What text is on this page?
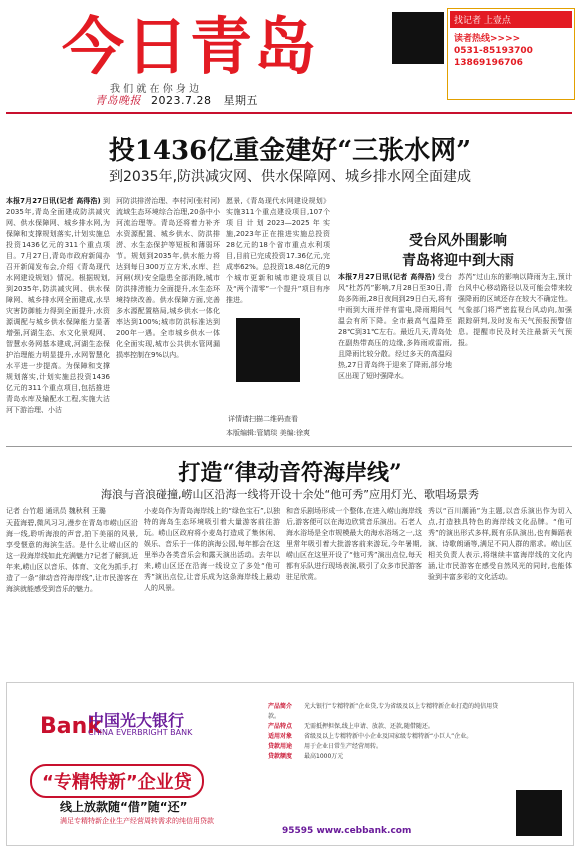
今日青岛
我 们 就 在 你 身 边
青岛晚报 2023.7.28 星期五
找记者 上壹点
读者热线>>>>
0531-85193700
13869196706
投1436亿重金建好“三张水网”
到2035年,防洪减灾网、供水保障网、城乡排水网全面建成
本报7月27日讯(记者 高得浩) 到2035年,青岛全面建成防洪减灾网、供水保障网、城乡排水网,为保障和支撑规划落实,计划实施总投资1436亿元的311个重点项目。7月27日,青岛市政府新闻办召开新闻发布会,介绍《青岛现代水网建设规划》情况。根据规划,到2035年,防洪减灾网、供水保障网、城乡排水网全面建成,水旱灾害防御能力得到全面提升,水资源调配与城乡供水保障能力显著增强,河湖生态、水文化景观网、智慧水务网基本建成,河湖生态保护治理能力明显提升,水网智慧化水平进一步提高。为保障和支撑规划落实,计划实施总投资1436亿元的311个重点项目,包括推进青岛水库及输配水工程,实施大沽河下游治理、小沽
河防洪排涝治理、李村河(张村河)流域生态环境综合治理,20条中小河流治理等。青岛还将着力补齐水资源配置、城乡供水、防洪排涝、水生态保护等短板和薄弱环节。规划到2035年,供水能力将达到每日300万立方米,水库、拦河闸(坝)安全隐患全部消除,城市防洪排涝能力全面提升,水生态环境持续改善。供水保障方面,完善多水源配置格局,城乡供水一体化率达到100%;城市防洪标准达到200年一遇。全市城乡供水一体化全面实现,城市公共供水管网漏损率控制在9%以内。
愿景,《青岛现代水网建设规划》实施311个重点建设项目,107个项目计划2023—2025年实施,2023年正在推进实施总投资28亿元的18个省市重点水利项目,目前已完成投资17.36亿元,完成率62%。总投资18.48亿元的9个城市更新和城市建设项目以及“两个清零”一个提升”项目有序推进。
详情请扫描二维码查看
受台风外围影响
青岛将迎中到大雨
本报7月27日讯(记者 高得浩) 受台风“杜苏芮”影响,7月28日至30日,青岛多阵雨,28日夜间到29日白天,将有中雨到大雨并伴有雷电,降雨期间气温会有所下降。全市最高气温降至28℃到31℃左右。最近几天,青岛处在副热带高压的边缘,多阵雨或雷雨,且降雨比较分散。经过多天的高温闷热,27日青岛终于迎来了降雨,部分地区出现了短时强降水。
苏芮”过山东的影响以降雨为主,预计台风中心移动路径以及可能会带来较强降雨的区域还存在较大不确定性。气象部门将严密监视台风动向,加强跟踪研判,及时发布天气预报预警信息。提醒市民及时关注最新天气预报。
本版编辑:管婧琰 美编:徐爽
打造“律动音符海岸线”
海浪与音浪碰撞,崂山区沿海一线将开设十余处“他可秀”应用灯光、歌唱场景秀
记者 台竹超 通讯员 魏秋利 王璐
天蓝海碧,微风习习,漫步在青岛市崂山区沿海一线,聆听海浪的声音,拍下美丽的风景,享受惬意的海滨生活。是什么让崂山区的这一段海岸线如此充满魅力?记者了解到,近年来,崂山区以音乐、体育、文化为抓手,打造了一条“律动音符海岸线”,让市民游客在海滨就能感受到音乐的魅力。
小麦岛作为青岛海岸线上的“绿色宝石”,以独特的海岛生态环境吸引着大量游客前往游玩。崂山区政府将小麦岛打造成了集休闲、娱乐、音乐于一体的滨海公园,每年都会在这里举办各类音乐会和露天演出活动。去年以来,崂山区还在沿海一线设立了多处“他可秀”演出点位,让音乐成为这条海岸线上最动人的风景。
和音乐剧场形成一个整体,在进入崂山海岸线后,游客便可以在海边欣赏音乐演出。石老人海水浴场是全市规模最大的海水浴场之一,这里常年吸引着大批游客前来游玩,今年暑期,崂山区在这里开设了“他可秀”演出点位,每天都有乐队进行现场表演,吸引了众多市民游客驻足欣赏。
秀以“百川潮涌”为主题,以音乐演出作为切入点,打造独具特色的海岸线文化品牌。“他可秀”的演出形式多样,既有乐队演出,也有舞蹈表演、诗歌朗诵等,满足不同人群的需求。崂山区相关负责人表示,将继续丰富海岸线的文化内涵,让市民游客在感受自然风光的同时,也能体验到丰富多彩的文化活动。
Bank
中国光大银行
CHINA EVERBRIGHT BANK
“专精特新”企业贷
线上放款随“借”随“还”
满足专精特新企业生产经营周转需求的纯信用贷款
产品简介 光大银行“专精特新”企业贷,专为省级及以上专精特新企业打造的纯信用贷款。
产品特点 无需抵押担保,线上申请、放款、还款,随借随还。
适用对象 省级及以上专精特新中小企业及国家级专精特新“小巨人”企业。
贷款用途 用于企业日常生产经营周转。
贷款额度 最高1000万元
95595 www.cebbank.com
